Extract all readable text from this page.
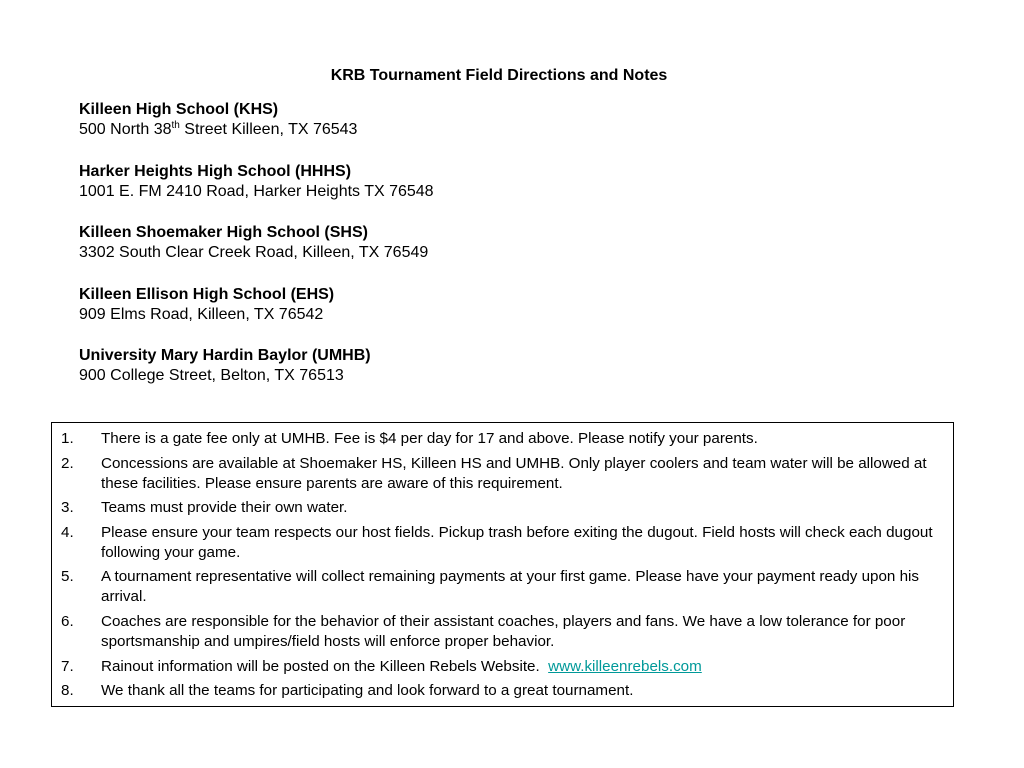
KRB Tournament Field Directions and Notes
Killeen High School (KHS)
500 North 38th Street Killeen, TX 76543
Harker Heights High School (HHHS)
1001 E. FM 2410 Road, Harker Heights TX 76548
Killeen Shoemaker High School (SHS)
3302 South Clear Creek Road, Killeen, TX 76549
Killeen Ellison High School (EHS)
909 Elms Road, Killeen, TX 76542
University Mary Hardin Baylor (UMHB)
900 College Street, Belton, TX 76513
1. There is a gate fee only at UMHB. Fee is $4 per day for 17 and above. Please notify your parents.
2. Concessions are available at Shoemaker HS, Killeen HS and UMHB. Only player coolers and team water will be allowed at these facilities. Please ensure parents are aware of this requirement.
3. Teams must provide their own water.
4. Please ensure your team respects our host fields. Pickup trash before exiting the dugout. Field hosts will check each dugout following your game.
5. A tournament representative will collect remaining payments at your first game. Please have your payment ready upon his arrival.
6. Coaches are responsible for the behavior of their assistant coaches, players and fans. We have a low tolerance for poor sportsmanship and umpires/field hosts will enforce proper behavior.
7. Rainout information will be posted on the Killeen Rebels Website.  www.killeenrebels.com
8. We thank all the teams for participating and look forward to a great tournament.
